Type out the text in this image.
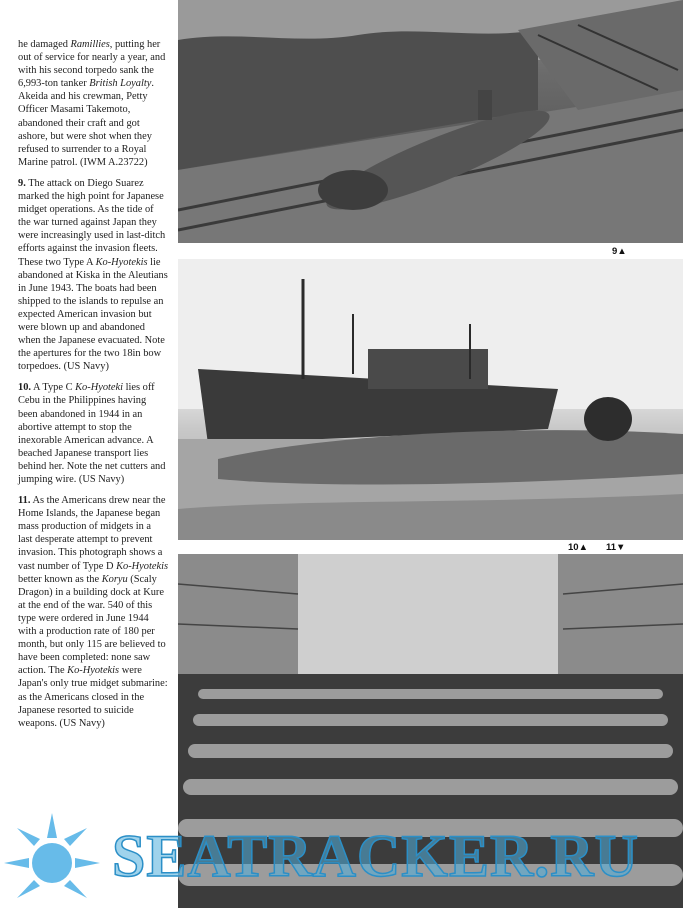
he damaged Ramillies, putting her out of service for nearly a year, and with his second torpedo sank the 6,993-ton tanker British Loyalty. Akeida and his crewman, Petty Officer Masami Takemoto, abandoned their craft and got ashore, but were shot when they refused to surrender to a Royal Marine patrol. (IWM A.23722)

9. The attack on Diego Suarez marked the high point for Japanese midget operations. As the tide of the war turned against Japan they were increasingly used in last-ditch efforts against the invasion fleets. These two Type A Ko-Hyotekis lie abandoned at Kiska in the Aleutians in June 1943. The boats had been shipped to the islands to repulse an expected American invasion but were blown up and abandoned when the Japanese evacuated. Note the apertures for the two 18in bow torpedoes. (US Navy)

10. A Type C Ko-Hyoteki lies off Cebu in the Philippines having been abandoned in 1944 in an abortive attempt to stop the inexorable American advance. A beached Japanese transport lies behind her. Note the net cutters and jumping wire. (US Navy)

11. As the Americans drew near the Home Islands, the Japanese began mass production of midgets in a last desperate attempt to prevent invasion. This photograph shows a vast number of Type D Ko-Hyotekis better known as the Koryu (Scaly Dragon) in a building dock at Kure at the end of the war. 540 of this type were ordered in June 1944 with a production rate of 180 per month, but only 115 are believed to have been completed: none saw action. The Ko-Hyotekis were Japan's only true midget submarine: as the Americans closed in the Japanese resorted to suicide weapons. (US Navy)

9▲
10▲ 11▼
SEATRACKER.RU
